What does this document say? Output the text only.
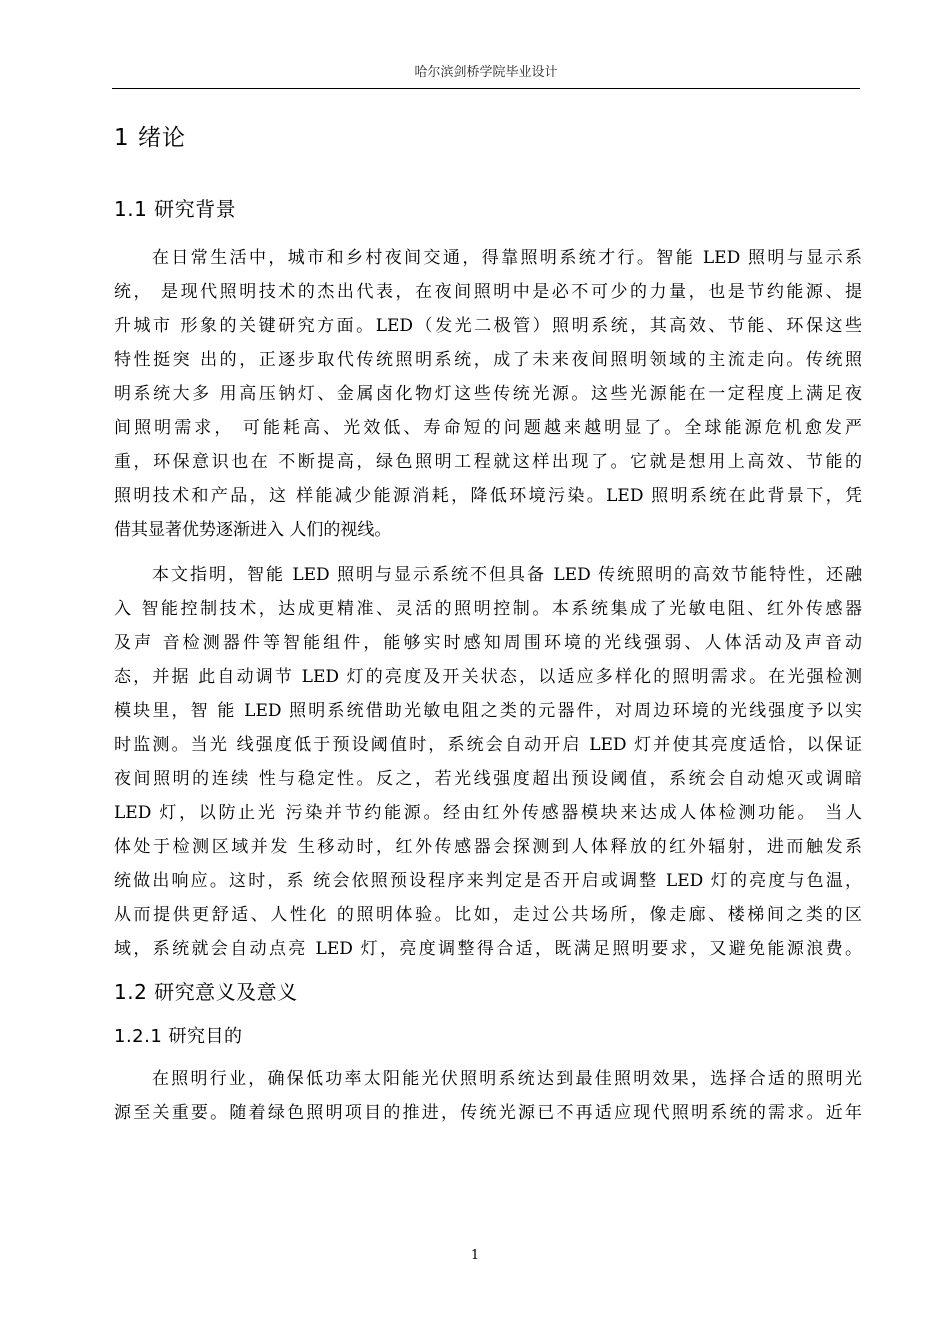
哈尔滨剑桥学院毕业设计
1 绪论
1.1 研究背景
在日常生活中，城市和乡村夜间交通，得靠照明系统才行。智能 LED 照明与显示系
统， 是现代照明技术的杰出代表，在夜间照明中是必不可少的力量，也是节约能源、提
升城市 形象的关键研究方面。LED（发光二极管）照明系统，其高效、节能、环保这些
特性挺突 出的，正逐步取代传统照明系统，成了未来夜间照明领域的主流走向。传统照
明系统大多 用高压钠灯、金属卤化物灯这些传统光源。这些光源能在一定程度上满足夜
间照明需求， 可能耗高、光效低、寿命短的问题越来越明显了。全球能源危机愈发严
重，环保意识也在 不断提高，绿色照明工程就这样出现了。它就是想用上高效、节能的
照明技术和产品，这 样能减少能源消耗，降低环境污染。LED 照明系统在此背景下，凭
借其显著优势逐渐进入 人们的视线。
本文指明，智能 LED 照明与显示系统不但具备 LED 传统照明的高效节能特性，还融
入 智能控制技术，达成更精准、灵活的照明控制。本系统集成了光敏电阻、红外传感器
及声 音检测器件等智能组件，能够实时感知周围环境的光线强弱、人体活动及声音动
态，并据 此自动调节 LED 灯的亮度及开关状态，以适应多样化的照明需求。在光强检测
模块里，智 能 LED 照明系统借助光敏电阻之类的元器件，对周边环境的光线强度予以实
时监测。当光 线强度低于预设阈值时，系统会自动开启 LED 灯并使其亮度适恰，以保证
夜间照明的连续 性与稳定性。反之，若光线强度超出预设阈值，系统会自动熄灭或调暗
LED 灯，以防止光 污染并节约能源。经由红外传感器模块来达成人体检测功能。 当人
体处于检测区域并发 生移动时，红外传感器会探测到人体释放的红外辐射，进而触发系
统做出响应。这时，系 统会依照预设程序来判定是否开启或调整 LED 灯的亮度与色温，
从而提供更舒适、人性化 的照明体验。比如，走过公共场所，像走廊、楼梯间之类的区
域，系统就会自动点亮 LED 灯，亮度调整得合适，既满足照明要求，又避免能源浪费。
1.2 研究意义及意义
1.2.1 研究目的
在照明行业，确保低功率太阳能光伏照明系统达到最佳照明效果，选择合适的照明光
源至关重要。随着绿色照明项目的推进，传统光源已不再适应现代照明系统的需求。近年
1
